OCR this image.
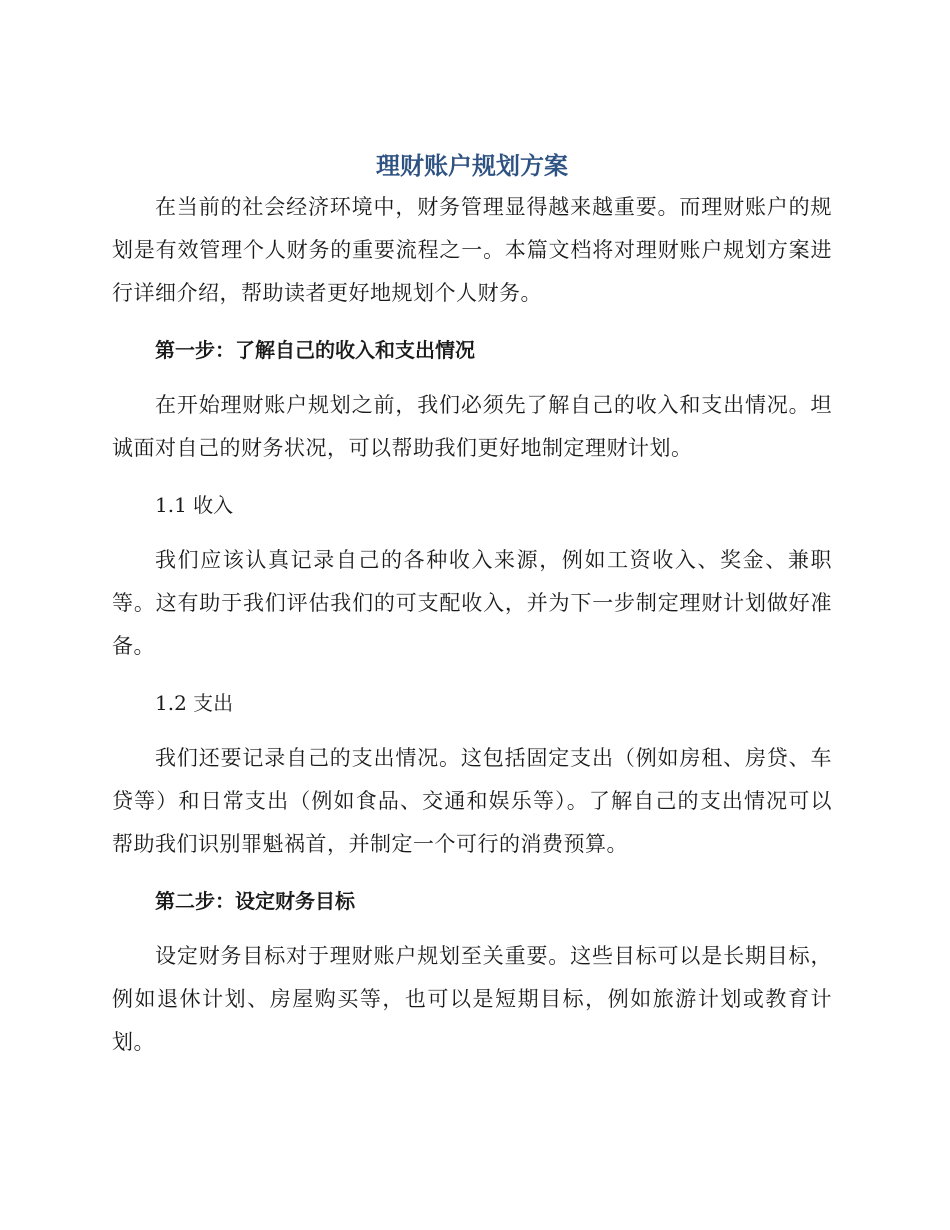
理财账户规划方案

在当前的社会经济环境中，财务管理显得越来越重要。而理财账户的规划是有效管理个人财务的重要流程之一。本篇文档将对理财账户规划方案进行详细介绍，帮助读者更好地规划个人财务。

第一步：了解自己的收入和支出情况

在开始理财账户规划之前，我们必须先了解自己的收入和支出情况。坦诚面对自己的财务状况，可以帮助我们更好地制定理财计划。

1.1 收入

我们应该认真记录自己的各种收入来源，例如工资收入、奖金、兼职等。这有助于我们评估我们的可支配收入，并为下一步制定理财计划做好准备。

1.2 支出

我们还要记录自己的支出情况。这包括固定支出（例如房租、房贷、车贷等）和日常支出（例如食品、交通和娱乐等）。了解自己的支出情况可以帮助我们识别罪魁祸首，并制定一个可行的消费预算。

第二步：设定财务目标

设定财务目标对于理财账户规划至关重要。这些目标可以是长期目标，例如退休计划、房屋购买等，也可以是短期目标，例如旅游计划或教育计划。
